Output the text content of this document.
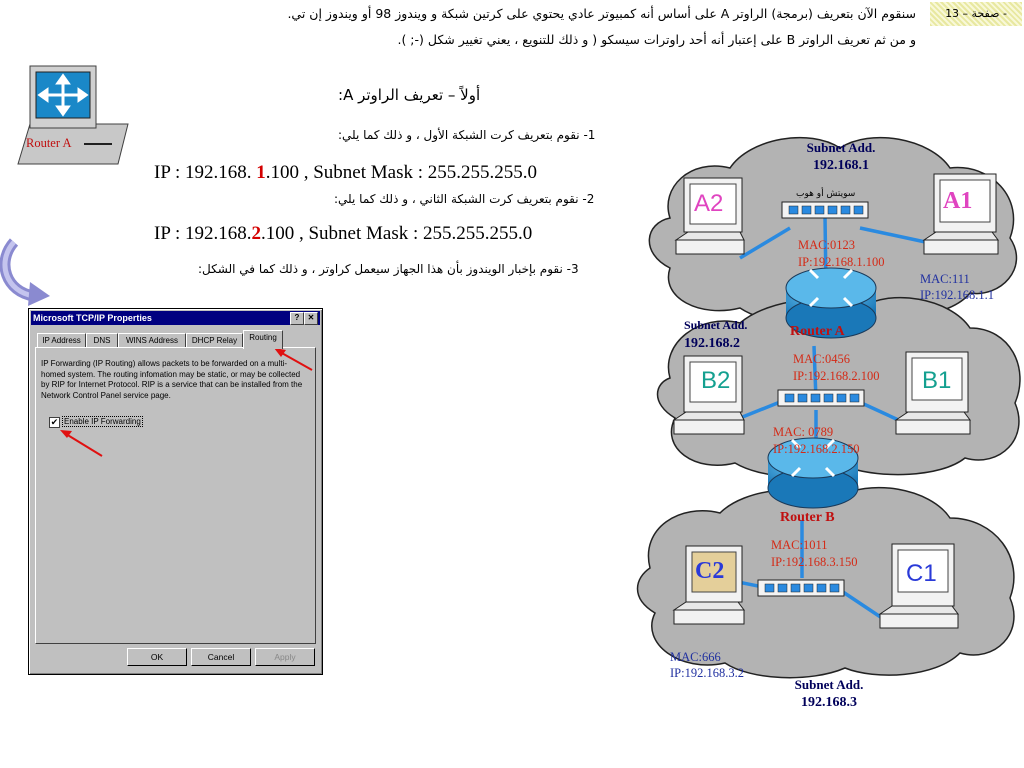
صفحة – 13 -
سنقوم الآن بتعريف (برمجة) الراوتر A على أساس أنه كمبيوتر عادي يحتوي على كرتين شبكة و ويندوز 98 أو ويندوز إن تي.
و من ثم تعريف الراوتر B على إعتبار أنه أحد راوترات سيسكو ( و ذلك للتنويع ، يعني تغيير شكل (-; ).
Router A
أولاً – تعريف الراوتر A:
1- نقوم بتعريف كرت الشبكة الأول ، و ذلك كما يلي:
IP : 192.168. 1.100 , Subnet Mask : 255.255.255.0
2- نقوم بتعريف كرت الشبكة الثاني ، و ذلك كما يلي:
IP : 192.168.2.100 , Subnet Mask : 255.255.255.0
3- نقوم بإخبار الويندوز بأن هذا الجهاز سيعمل كراوتر ، و ذلك كما في الشكل:
Microsoft TCP/IP Properties	?	✕
IP Address	DNS	WINS Address	DHCP Relay	Routing
IP Forwarding (IP Routing) allows packets to be forwarded on a multi-homed system. The routing infomation may be static, or may be collected by RIP for Internet Protocol. RIP is a service that can be installed from the Network Control Panel service page.
✔ Enable IP Forwarding
OK	Cancel	Apply
Subnet Add.
192.168.1
سويتش أو هوب
A2	A1
MAC:0123
IP:192.168.1.100
MAC:111
IP:192.168.1.1
Router A
Subnet Add.
192.168.2
MAC:0456
IP:192.168.2.100
B2	B1
MAC: 0789
IP:192.168.2.150
Router B
MAC:1011
IP:192.168.3.150
C2	C1
MAC:666
IP:192.168.3.2
Subnet Add.
192.168.3
